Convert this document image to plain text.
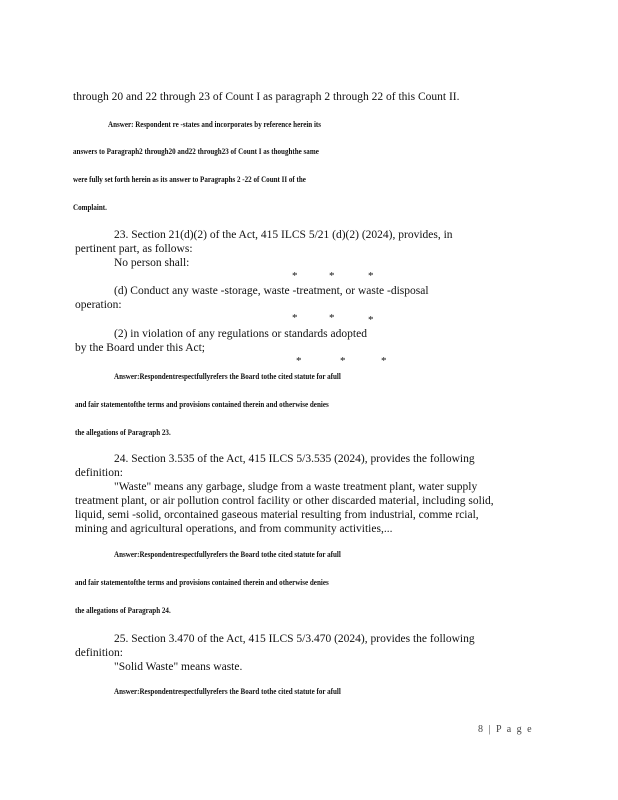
through 20 and 22 through 23 of Count I as paragraph 2 through 22 of this Count II.
Answer: Respondent re -states and incorporates by reference herein its
answers to Paragraph2 through20 and22 through23 of Count I as thoughthe same
were fully set forth herein as its answer to Paragraphs 2 -22 of Count II of the
Complaint.
23. Section 21(d)(2) of the Act, 415 ILCS 5/21 (d)(2) (2024), provides, in
pertinent part, as follows:
No person shall:
*	*	*
(d) Conduct any waste -storage, waste -treatment, or waste -disposal
operation:
*	*	*
(2) in violation of any regulations or standards adopted
by the Board under this Act;
*	*	*
Answer:Respondentrespectfullyrefers the Board tothe cited statute for afull
and fair statementofthe terms and provisions contained therein and otherwise denies
the allegations of Paragraph 23.
24. Section 3.535 of the Act, 415 ILCS 5/3.535 (2024), provides the following
definition:
"Waste" means any garbage, sludge from a waste treatment plant, water supply
treatment plant, or air pollution control facility or other discarded material, including solid,
liquid, semi -solid, orcontained gaseous material resulting from industrial, comme rcial,
mining and agricultural operations, and from community activities,...
Answer:Respondentrespectfullyrefers the Board tothe cited statute for afull
and fair statementofthe terms and provisions contained therein and otherwise denies
the allegations of Paragraph 24.
25. Section 3.470 of the Act, 415 ILCS 5/3.470 (2024), provides the following
definition:
"Solid Waste" means waste.
Answer:Respondentrespectfullyrefers the Board tothe cited statute for afull
8 | P a g e
